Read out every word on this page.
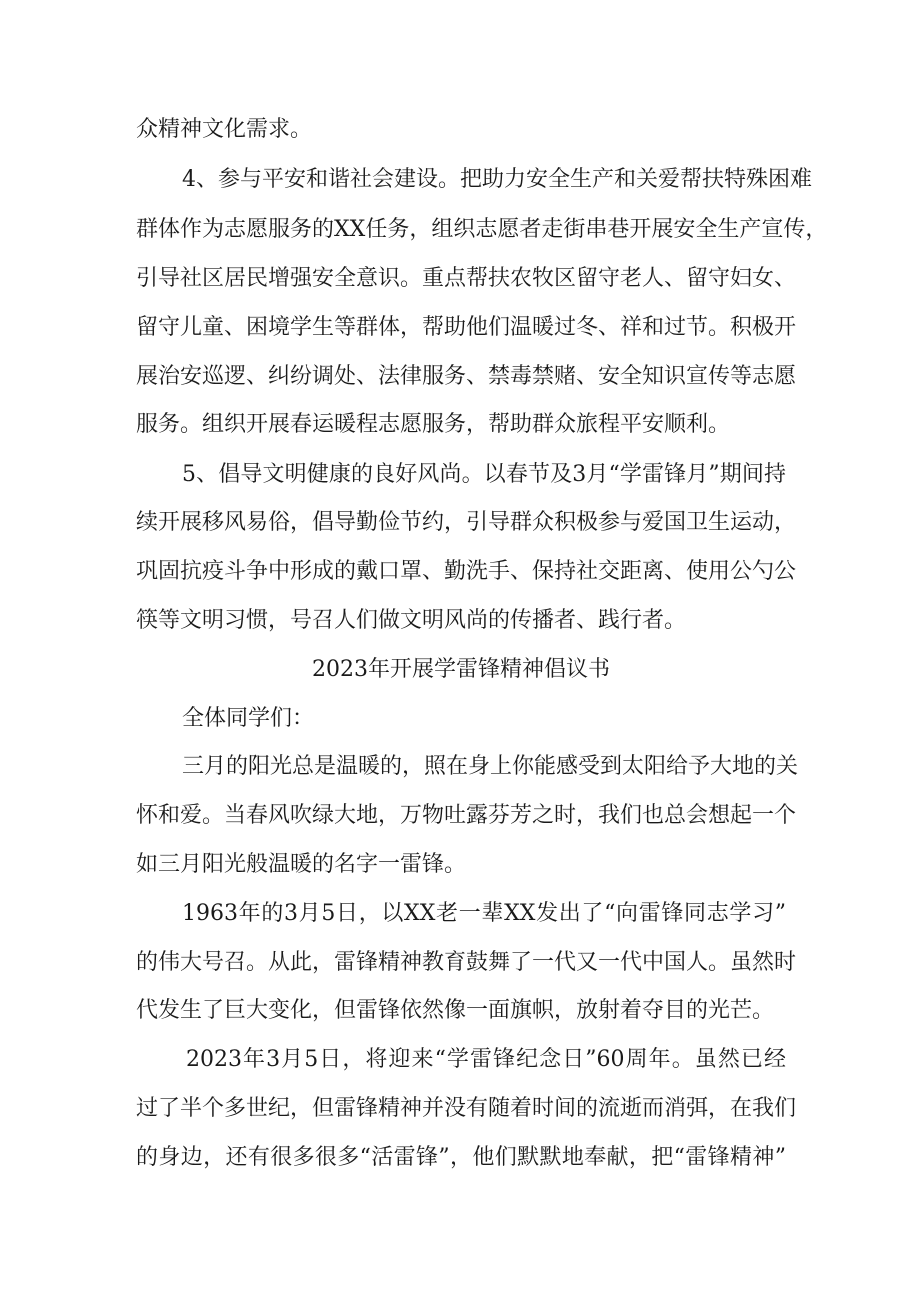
众精神文化需求。
4、参与平安和谐社会建设。把助力安全生产和关爱帮扶特殊困难
群体作为志愿服务的XX任务，组织志愿者走街串巷开展安全生产宣传，
引导社区居民增强安全意识。重点帮扶农牧区留守老人、留守妇女、
留守儿童、困境学生等群体，帮助他们温暖过冬、祥和过节。积极开
展治安巡逻、纠纷调处、法律服务、禁毒禁赌、安全知识宣传等志愿
服务。组织开展春运暖程志愿服务，帮助群众旅程平安顺利。
5、倡导文明健康的良好风尚。以春节及3月“学雷锋月”期间持
续开展移风易俗，倡导勤俭节约，引导群众积极参与爱国卫生运动，
巩固抗疫斗争中形成的戴口罩、勤洗手、保持社交距离、使用公勺公
筷等文明习惯，号召人们做文明风尚的传播者、践行者。
2023年开展学雷锋精神倡议书
全体同学们：
三月的阳光总是温暖的，照在身上你能感受到太阳给予大地的关
怀和爱。当春风吹绿大地，万物吐露芬芳之时，我们也总会想起一个
如三月阳光般温暖的名字一雷锋。
1963年的3月5日，以XX老一辈XX发出了“向雷锋同志学习”
的伟大号召。从此，雷锋精神教育鼓舞了一代又一代中国人。虽然时
代发生了巨大变化，但雷锋依然像一面旗帜，放射着夺目的光芒。
2023年3月5日，将迎来“学雷锋纪念日”60周年。虽然已经
过了半个多世纪，但雷锋精神并没有随着时间的流逝而消弭，在我们
的身边，还有很多很多“活雷锋”，他们默默地奉献，把“雷锋精神”
